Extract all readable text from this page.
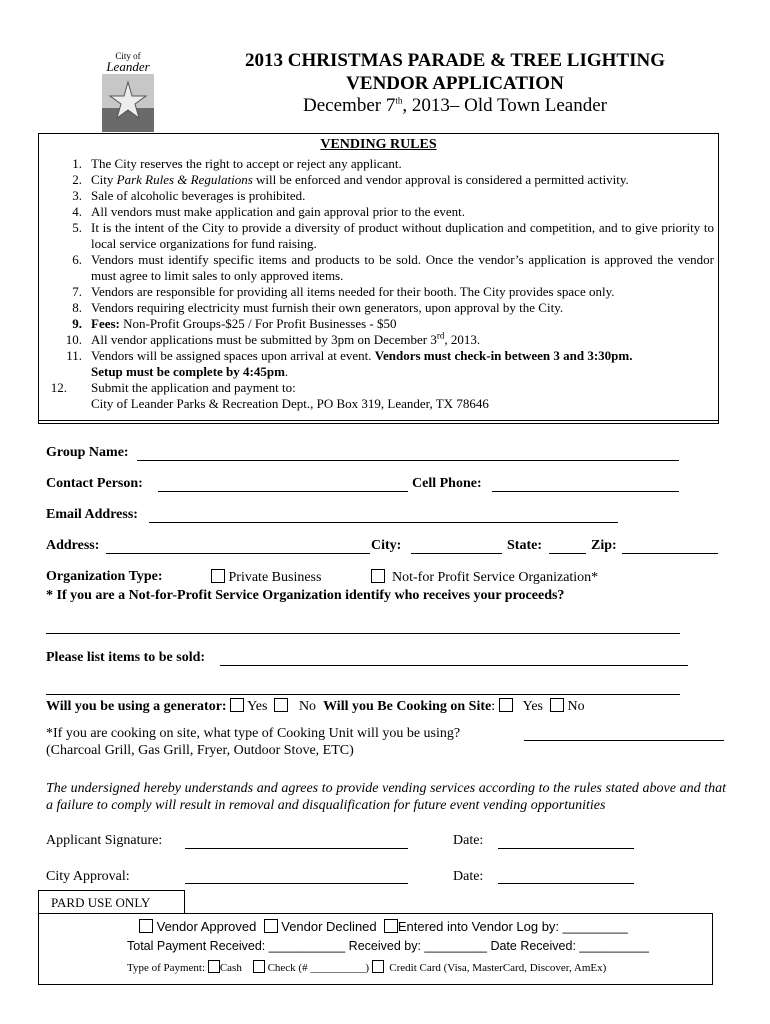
City of
Leander	2013 CHRISTMAS PARADE & TREE LIGHTING
VENDOR APPLICATION
December 7th, 2013– Old Town Leander
VENDING RULES
1. The City reserves the right to accept or reject any applicant.
2. City Park Rules & Regulations will be enforced and vendor approval is considered a permitted activity.
3. Sale of alcoholic beverages is prohibited.
4. All vendors must make application and gain approval prior to the event.
5. It is the intent of the City to provide a diversity of product without duplication and competition, and to give priority to local service organizations for fund raising.
6. Vendors must identify specific items and products to be sold. Once the vendor’s application is approved the vendor must agree to limit sales to only approved items.
7. Vendors are responsible for providing all items needed for their booth. The City provides space only.
8. Vendors requiring electricity must furnish their own generators, upon approval by the City.
9. Fees: Non-Profit Groups-$25 / For Profit Businesses - $50
10. All vendor applications must be submitted by 3pm on December 3rd, 2013.
11. Vendors will be assigned spaces upon arrival at event. Vendors must check-in between 3 and 3:30pm.
Setup must be complete by 4:45pm.
12. Submit the application and payment to:
City of Leander Parks & Recreation Dept., PO Box 319, Leander, TX 78646
Group Name:
Contact Person:	Cell Phone:
Email Address:
Address:	City:	State:	Zip:
Organization Type:	Private Business	Not-for Profit Service Organization*
* If you are a Not-for-Profit Service Organization identify who receives your proceeds?
Please list items to be sold:
Will you be using a generator: Yes No Will you Be Cooking on Site: Yes No
*If you are cooking on site, what type of Cooking Unit will you be using?
(Charcoal Grill, Gas Grill, Fryer, Outdoor Stove, ETC)
The undersigned hereby understands and agrees to provide vending services according to the rules stated above and that a failure to comply will result in removal and disqualification for future event vending opportunities
Applicant Signature:	Date:
City Approval:	Date:
PARD USE ONLY
Vendor Approved Vendor Declined Entered into Vendor Log by: _________
Total Payment Received: ___________ Received by: _________ Date Received: __________
Type of Payment: Cash Check (# __________) Credit Card (Visa, MasterCard, Discover, AmEx)
